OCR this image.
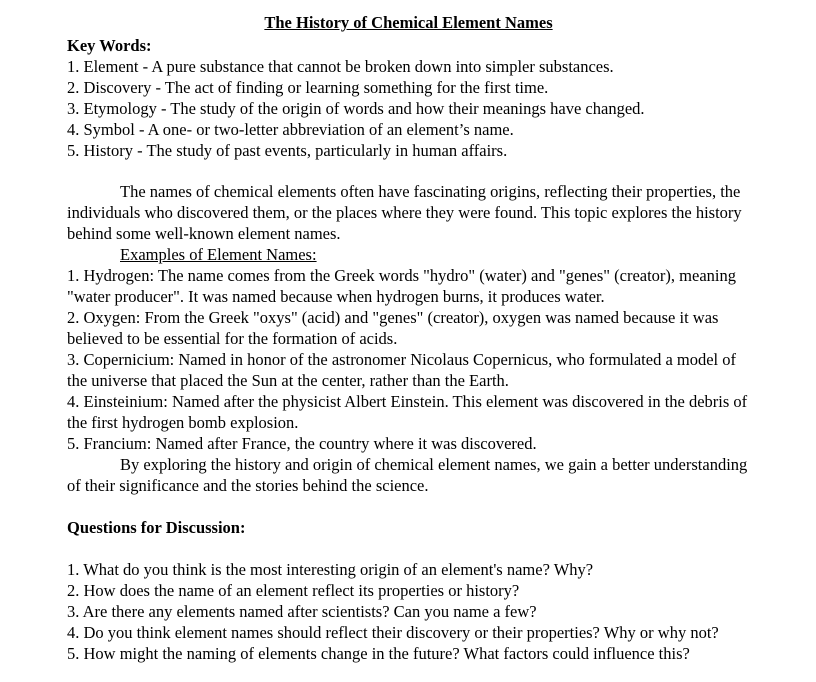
The History of Chemical Element Names

Key Words:

1. Element - A pure substance that cannot be broken down into simpler substances.

2. Discovery - The act of finding or learning something for the first time.

3. Etymology - The study of the origin of words and how their meanings have changed.

4. Symbol - A one- or two-letter abbreviation of an element’s name.

5. History - The study of past events, particularly in human affairs.

The names of chemical elements often have fascinating origins, reflecting their properties, the individuals who discovered them, or the places where they were found. This topic explores the history behind some well-known element names.

Examples of Element Names:

1. Hydrogen: The name comes from the Greek words "hydro" (water) and "genes" (creator), meaning "water producer". It was named because when hydrogen burns, it produces water.

2. Oxygen: From the Greek "oxys" (acid) and "genes" (creator), oxygen was named because it was believed to be essential for the formation of acids.

3. Copernicium: Named in honor of the astronomer Nicolaus Copernicus, who formulated a model of the universe that placed the Sun at the center, rather than the Earth.

4. Einsteinium: Named after the physicist Albert Einstein. This element was discovered in the debris of the first hydrogen bomb explosion.

5. Francium: Named after France, the country where it was discovered.

By exploring the history and origin of chemical element names, we gain a better understanding of their significance and the stories behind the science.

Questions for Discussion:

1. What do you think is the most interesting origin of an element's name? Why?

2. How does the name of an element reflect its properties or history?

3. Are there any elements named after scientists? Can you name a few?

4. Do you think element names should reflect their discovery or their properties? Why or why not?

5. How might the naming of elements change in the future? What factors could influence this?
